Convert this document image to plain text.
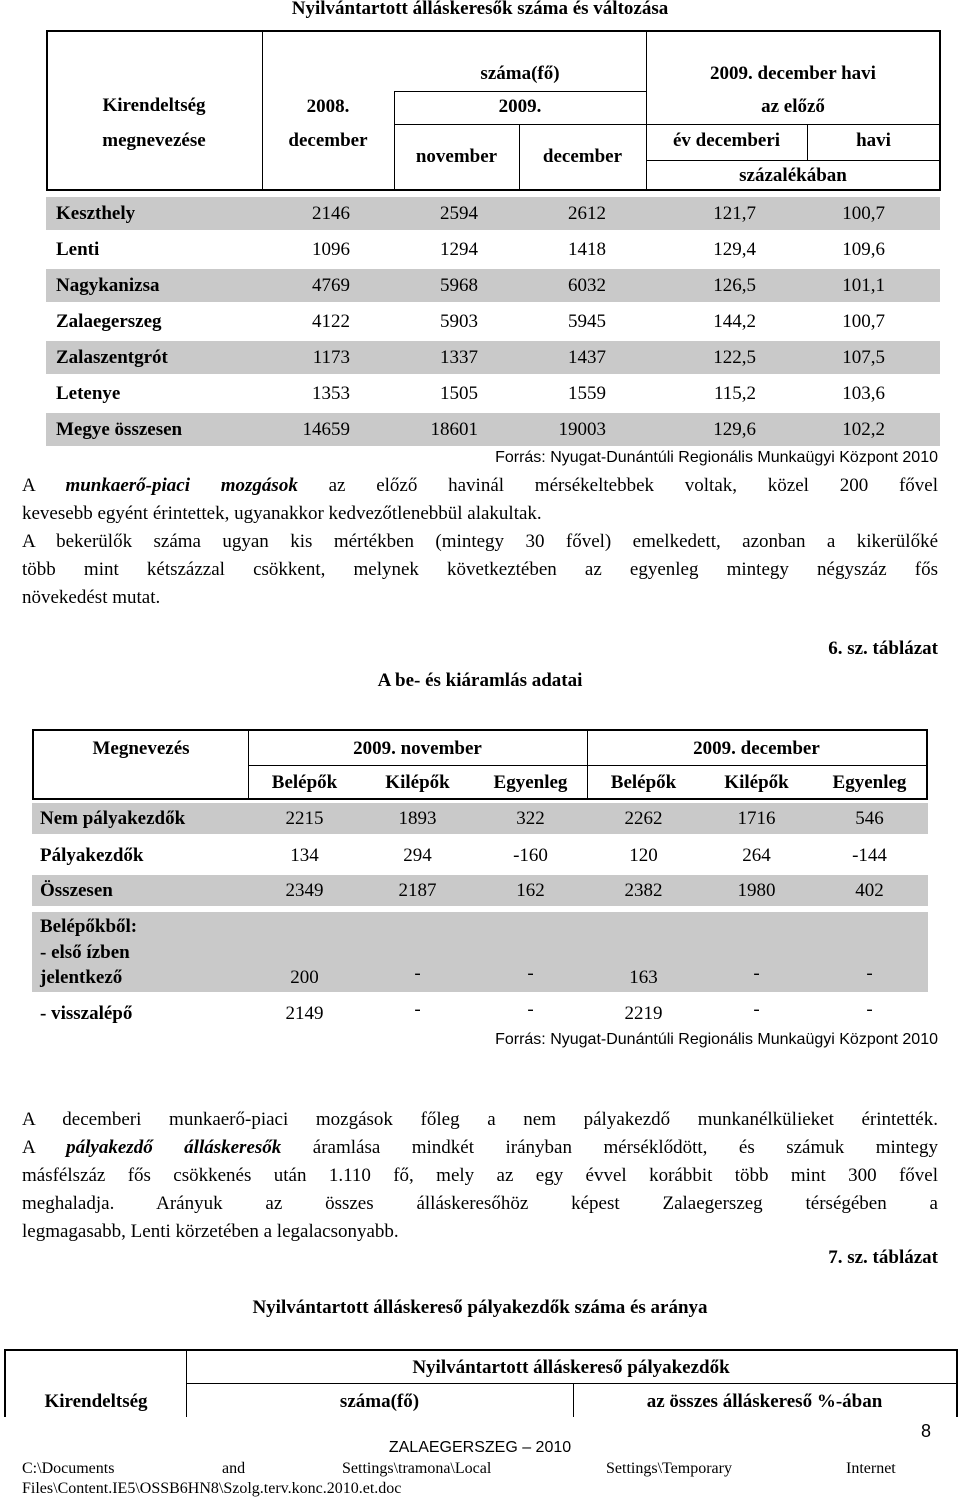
Nyilvántartott álláskeresők száma és változása
Kirendeltség
megnevezése
száma(fő)
2008.
december
2009.
november	december
2009. december havi
az előző
év decemberi	havi
százalékában
Keszthely	2146	2594	2612	121,7	100,7
Lenti	1096	1294	1418	129,4	109,6
Nagykanizsa	4769	5968	6032	126,5	101,1
Zalaegerszeg	4122	5903	5945	144,2	100,7
Zalaszentgrót	1173	1337	1437	122,5	107,5
Letenye	1353	1505	1559	115,2	103,6
Megye összesen	14659	18601	19003	129,6	102,2
Forrás: Nyugat-Dunántúli Regionális Munkaügyi Központ 2010
A munkaerő-piaci mozgások az előző havinál mérsékeltebbek voltak, közel 200 fővel
kevesebb egyént érintettek, ugyanakkor kedvezőtlenebbül alakultak.
A bekerülők száma ugyan kis mértékben (mintegy 30 fővel) emelkedett, azonban a kikerülőké
több mint kétszázzal csökkent, melynek következtében az egyenleg mintegy négyszáz fős
növekedést mutat.
6. sz. táblázat
A be- és kiáramlás adatai
Megnevezés	2009. november	2009. december
Belépők	Kilépők	Egyenleg	Belépők	Kilépők	Egyenleg
Nem pályakezdők	2215	1893	322	2262	1716	546
Pályakezdők	134	294	-160	120	264	-144
Összesen	2349	2187	162	2382	1980	402
Belépőkből:
- első ízben
jelentkező	200	-	-	163	-	-
- visszalépő	2149	-	-	2219	-	-
Forrás: Nyugat-Dunántúli Regionális Munkaügyi Központ 2010
A decemberi munkaerő-piaci mozgások főleg a nem pályakezdő munkanélkülieket érintették.
A pályakezdő álláskeresők áramlása mindkét irányban mérséklődött, és számuk mintegy
másfélszáz fős csökkenés után 1.110 fő, mely az egy évvel korábbit több mint 300 fővel
meghaladja. Arányuk az összes álláskeresőhöz képest Zalaegerszeg térségében a
legmagasabb, Lenti körzetében a legalacsonyabb.
7. sz. táblázat
Nyilvántartott álláskereső pályakezdők száma és aránya
Nyilvántartott álláskereső pályakezdők
Kirendeltség	száma(fő)	az összes álláskereső %-ában
ZALAEGERSZEG – 2010
8
C:\Documents	and	Settings\tramona\Local	Settings\Temporary	Internet
Files\Content.IE5\OSSB6HN8\Szolg.terv.konc.2010.et.doc
